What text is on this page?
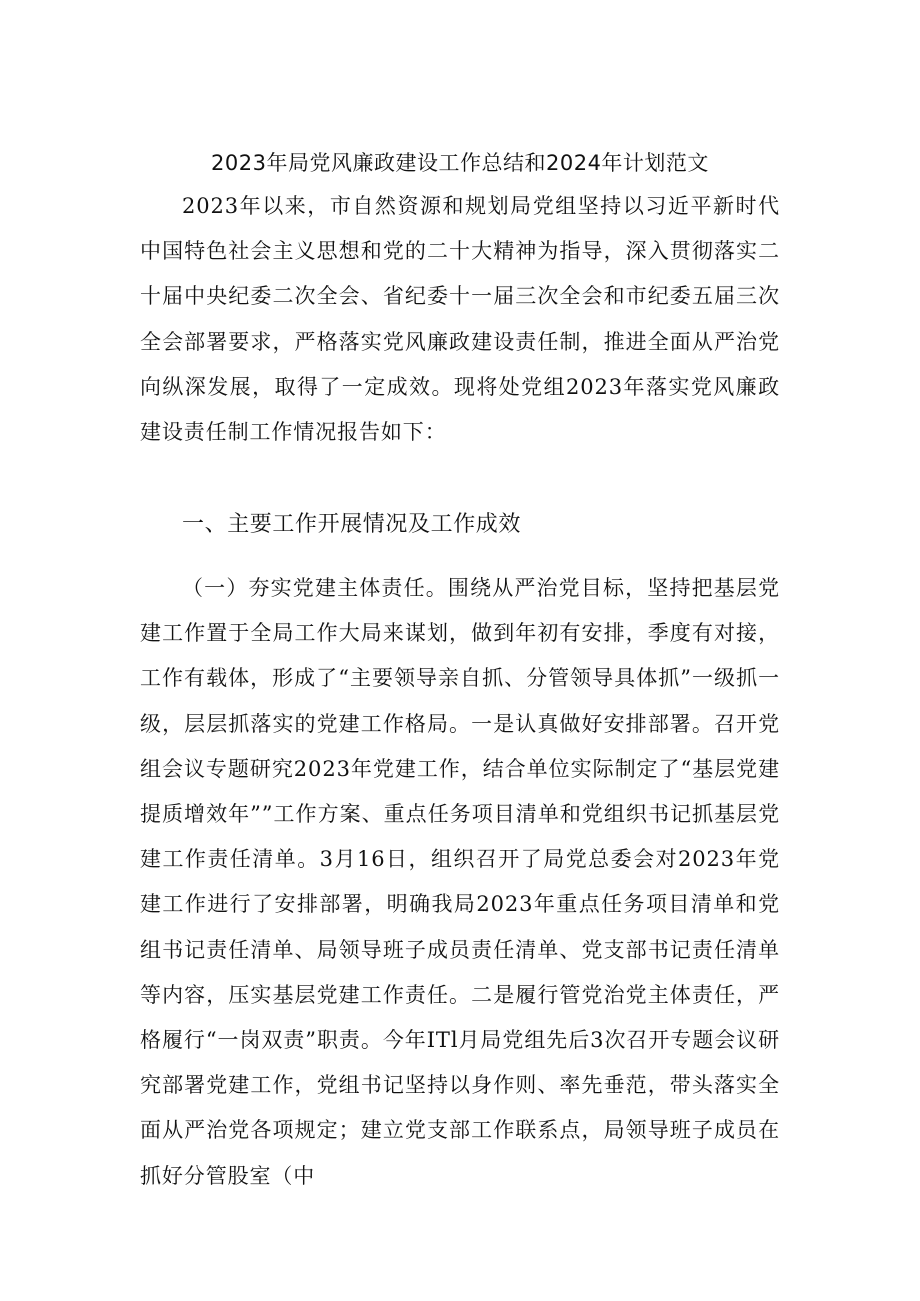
2023年局党风廉政建设工作总结和2024年计划范文

2023年以来，市自然资源和规划局党组坚持以习近平新时代中国特色社会主义思想和党的二十大精神为指导，深入贯彻落实二十届中央纪委二次全会、省纪委十一届三次全会和市纪委五届三次全会部署要求，严格落实党风廉政建设责任制，推进全面从严治党向纵深发展，取得了一定成效。现将处党组2023年落实党风廉政建设责任制工作情况报告如下：

一、主要工作开展情况及工作成效

（一）夯实党建主体责任。围绕从严治党目标，坚持把基层党建工作置于全局工作大局来谋划，做到年初有安排，季度有对接，工作有载体，形成了“主要领导亲自抓、分管领导具体抓”一级抓一级，层层抓落实的党建工作格局。一是认真做好安排部署。召开党组会议专题研究2023年党建工作，结合单位实际制定了“基层党建提质增效年””工作方案、重点任务项目清单和党组织书记抓基层党建工作责任清单。3月16日，组织召开了局党总委会对2023年党建工作进行了安排部署，明确我局2023年重点任务项目清单和党组书记责任清单、局领导班子成员责任清单、党支部书记责任清单等内容，压实基层党建工作责任。二是履行管党治党主体责任，严格履行“一岗双责”职责。今年ITl月局党组先后3次召开专题会议研究部署党建工作，党组书记坚持以身作则、率先垂范，带头落实全面从严治党各项规定；建立党支部工作联系点，局领导班子成员在抓好分管股室（中
